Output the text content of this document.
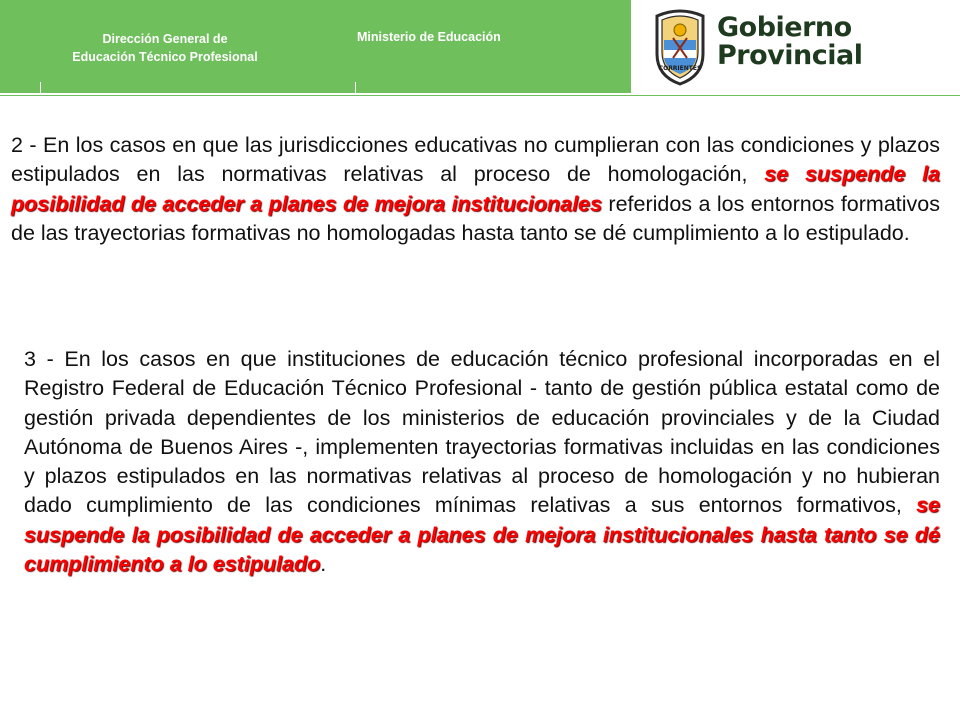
Dirección General de
Educación Técnico Profesional
Ministerio de Educación
CORRIENTES
Gobierno
Provincial
2 - En los casos en que las jurisdicciones educativas no cumplieran con las condiciones y plazos estipulados en las normativas relativas al proceso de homologación, se suspende la posibilidad de acceder a planes de mejora institucionales referidos a los entornos formativos de las trayectorias formativas no homologadas hasta tanto se dé cumplimiento a lo estipulado.
3 - En los casos en que instituciones de educación técnico profesional incorporadas en el Registro Federal de Educación Técnico Profesional - tanto de gestión pública estatal como de gestión privada dependientes de los ministerios de educación provinciales y de la Ciudad Autónoma de Buenos Aires -, implementen trayectorias formativas incluidas en las condiciones y plazos estipulados en las normativas relativas al proceso de homologación y no hubieran dado cumplimiento de las condiciones mínimas relativas a sus entornos formativos, se suspende la posibilidad de acceder a planes de mejora institucionales hasta tanto se dé cumplimiento a lo estipulado.
